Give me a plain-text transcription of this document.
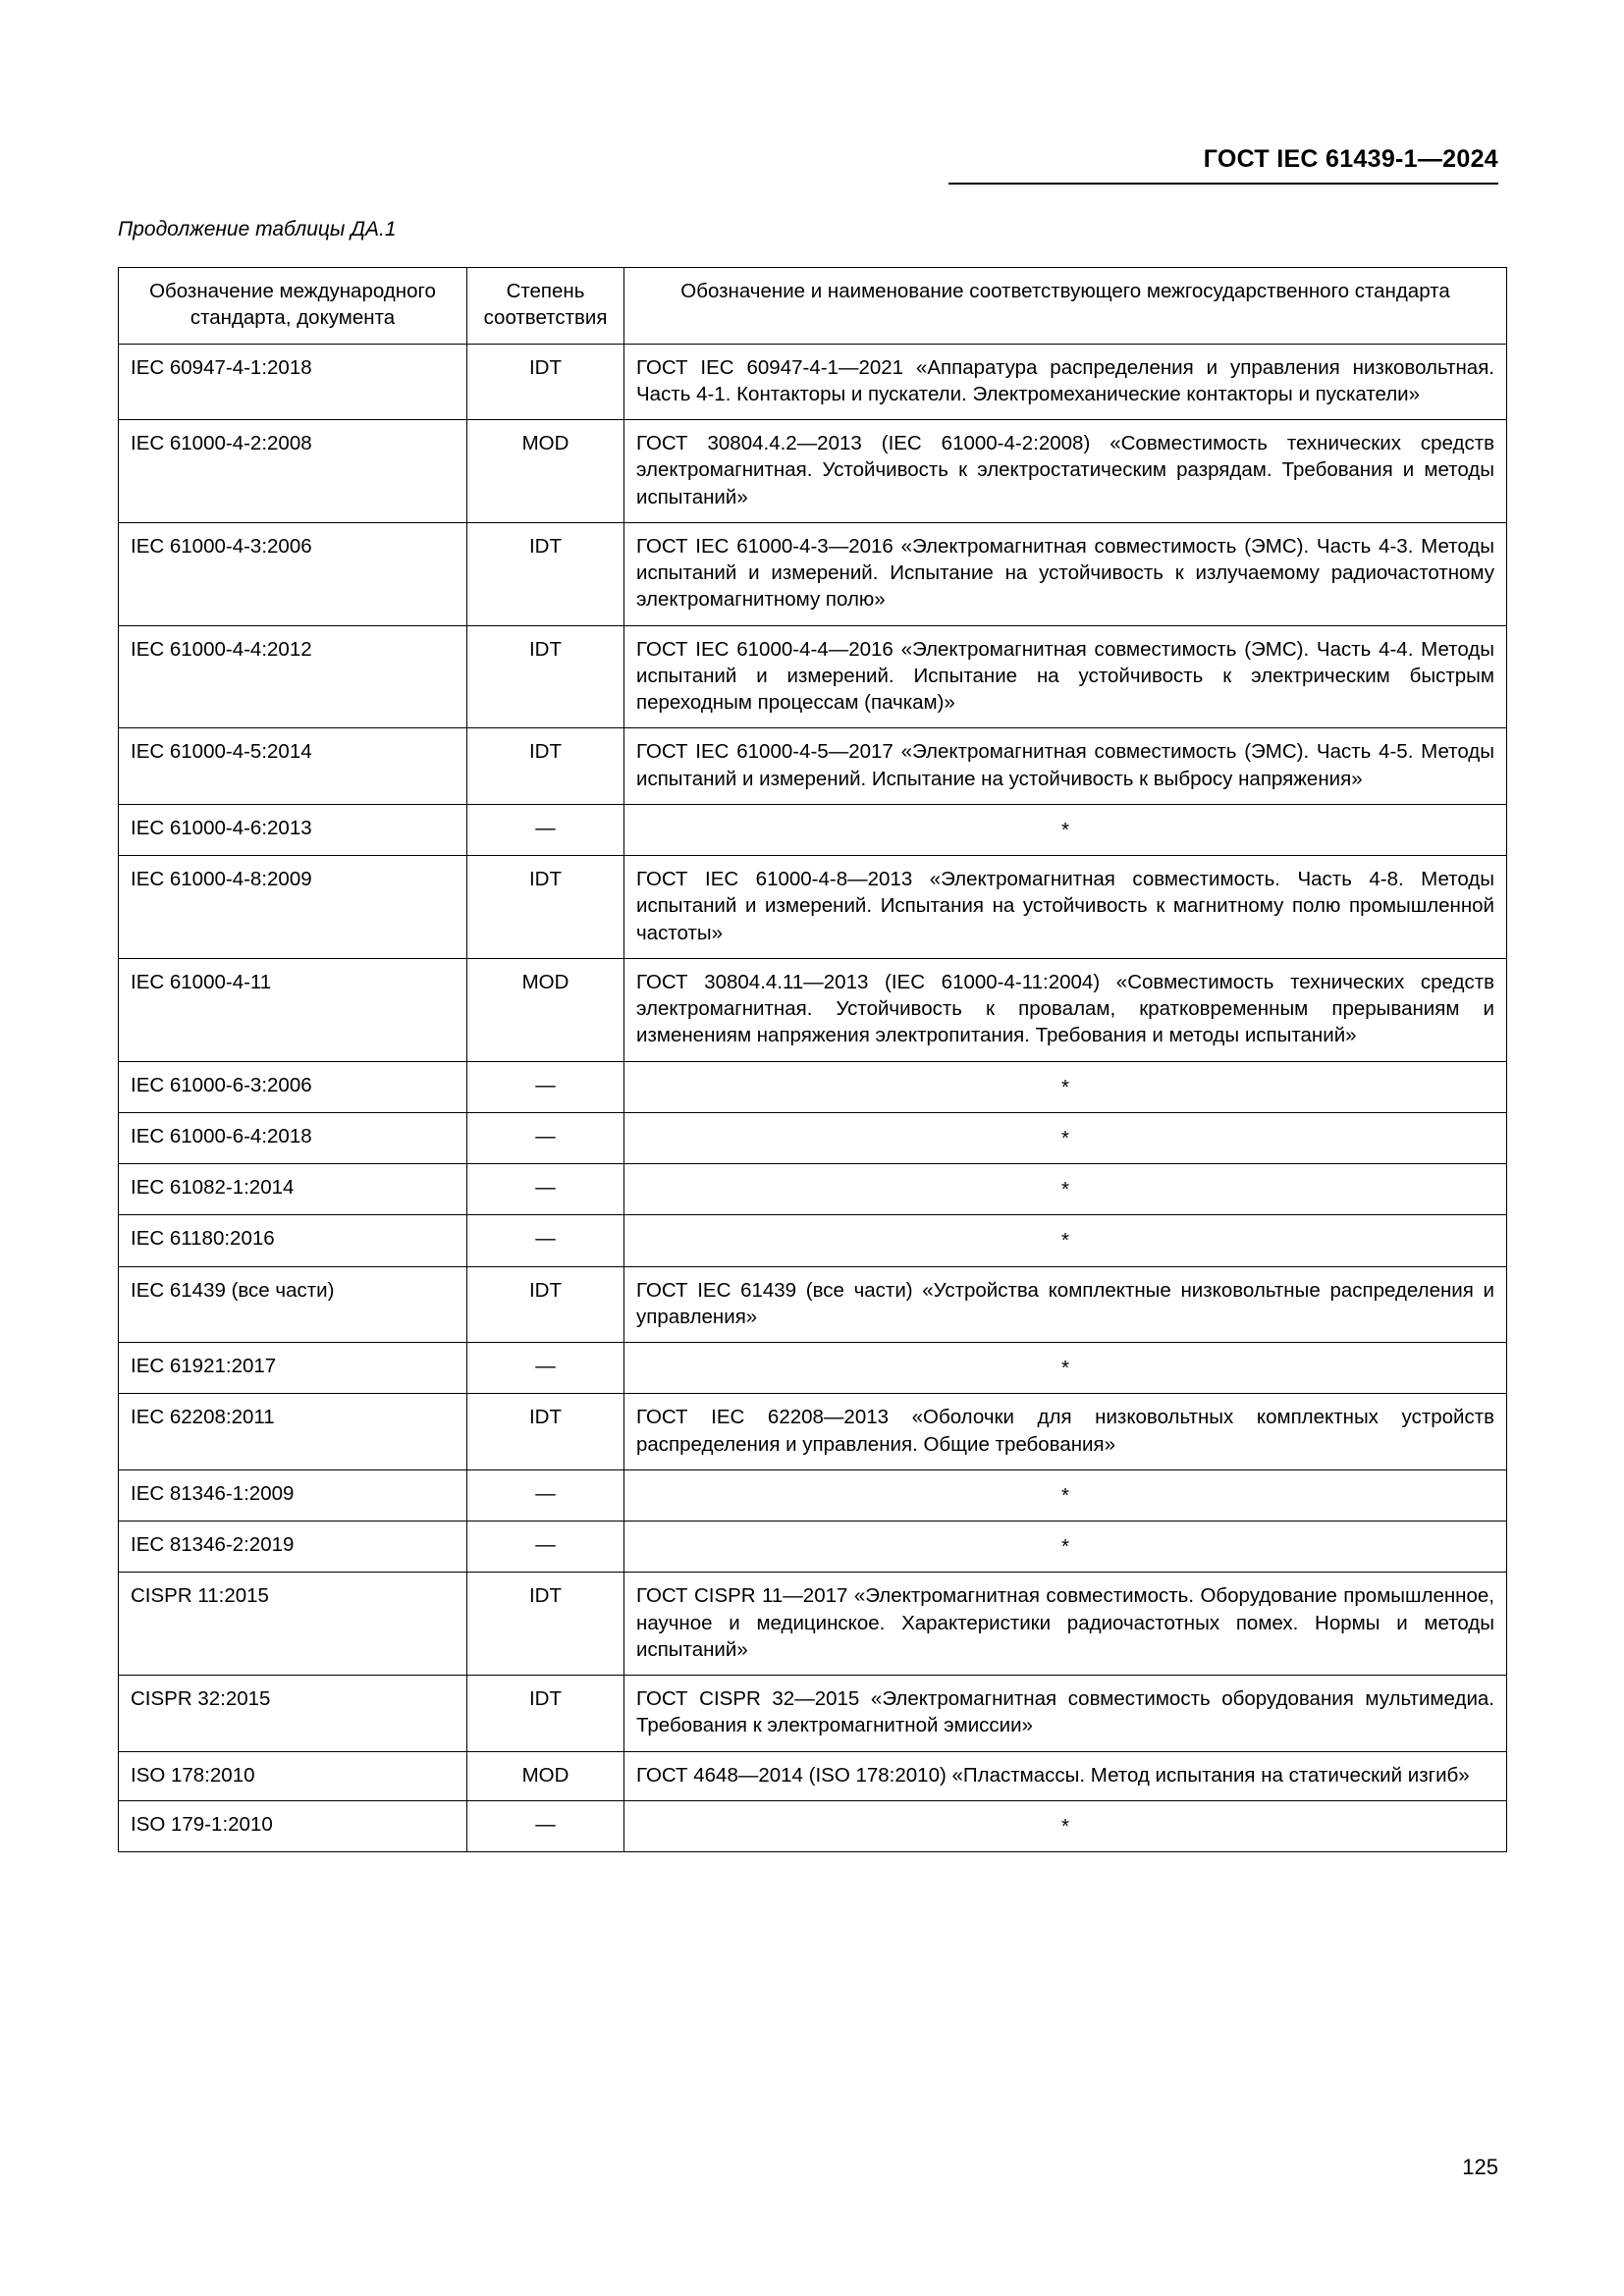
ГОСТ IEC 61439-1—2024
Продолжение таблицы ДА.1
Обозначение международного стандарта, документа	Степень соответствия	Обозначение и наименование соответствующего межгосударственного стандарта
IEC 60947-4-1:2018	IDT	ГОСТ IEC 60947-4-1—2021 «Аппаратура распределения и управления низковольтная. Часть 4-1. Контакторы и пускатели. Электромеханические контакторы и пускатели»
IEC 61000-4-2:2008	MOD	ГОСТ 30804.4.2—2013 (IEC 61000-4-2:2008) «Совместимость технических средств электромагнитная. Устойчивость к электростатическим разрядам. Требования и методы испытаний»
IEC 61000-4-3:2006	IDT	ГОСТ IEC 61000-4-3—2016 «Электромагнитная совместимость (ЭМС). Часть 4-3. Методы испытаний и измерений. Испытание на устойчивость к излучаемому радиочастотному электромагнитному полю»
IEC 61000-4-4:2012	IDT	ГОСТ IEC 61000-4-4—2016 «Электромагнитная совместимость (ЭМС). Часть 4-4. Методы испытаний и измерений. Испытание на устойчивость к электрическим быстрым переходным процессам (пачкам)»
IEC 61000-4-5:2014	IDT	ГОСТ IEC 61000-4-5—2017 «Электромагнитная совместимость (ЭМС). Часть 4-5. Методы испытаний и измерений. Испытание на устойчивость к выбросу напряжения»
IEC 61000-4-6:2013	—	*
IEC 61000-4-8:2009	IDT	ГОСТ IEC 61000-4-8—2013 «Электромагнитная совместимость. Часть 4-8. Методы испытаний и измерений. Испытания на устойчивость к магнитному полю промышленной частоты»
IEC 61000-4-11	MOD	ГОСТ 30804.4.11—2013 (IEC 61000-4-11:2004) «Совместимость технических средств электромагнитная. Устойчивость к провалам, кратковременным прерываниям и изменениям напряжения электропитания. Требования и методы испытаний»
IEC 61000-6-3:2006	—	*
IEC 61000-6-4:2018	—	*
IEC 61082-1:2014	—	*
IEC 61180:2016	—	*
IEC 61439 (все части)	IDT	ГОСТ IEC 61439 (все части) «Устройства комплектные низковольтные распределения и управления»
IEC 61921:2017	—	*
IEC 62208:2011	IDT	ГОСТ IEC 62208—2013 «Оболочки для низковольтных комплектных устройств распределения и управления. Общие требования»
IEC 81346-1:2009	—	*
IEC 81346-2:2019	—	*
CISPR 11:2015	IDT	ГОСТ CISPR 11—2017 «Электромагнитная совместимость. Оборудование промышленное, научное и медицинское. Характеристики радиочастотных помех. Нормы и методы испытаний»
CISPR 32:2015	IDT	ГОСТ CISPR 32—2015 «Электромагнитная совместимость оборудования мультимедиа. Требования к электромагнитной эмиссии»
ISO 178:2010	MOD	ГОСТ 4648—2014 (ISO 178:2010) «Пластмассы. Метод испытания на статический изгиб»
ISO 179-1:2010	—	*
125
